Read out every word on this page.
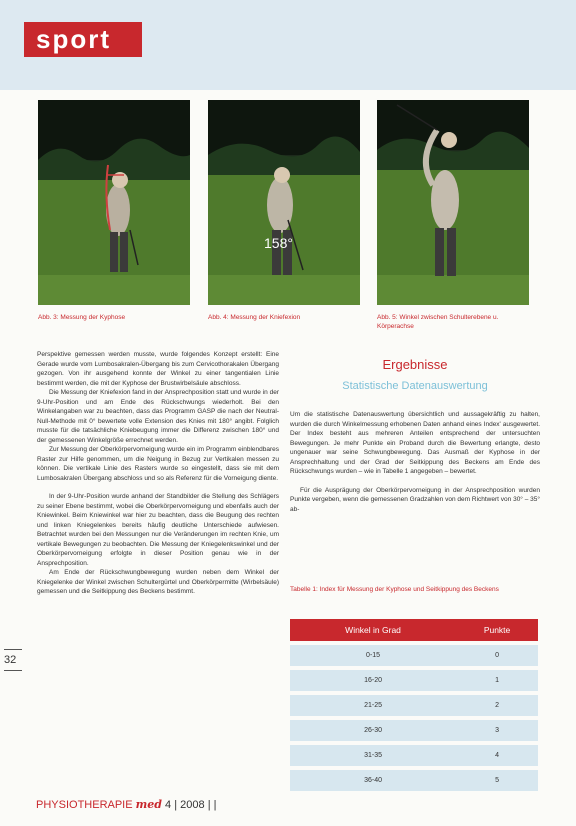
sport
158°
Abb. 3: Messung der Kyphose	Abb. 4: Messung der Kniefexion	Abb. 5: Winkel zwischen Schulterebene u. Körperachse

Perspektive gemessen werden musste, wurde folgendes Konzept erstellt: Eine Gerade wurde vom Lumbosakralen-Übergang bis zum Cervicothorakalen Übergang gezogen. Von ihr ausgehend konnte der Winkel zu einer tangentialen Linie bestimmt werden, die mit der Kyphose der Brustwirbelsäule abschloss.

Die Messung der Kniefexion fand in der Ansprechposition statt und wurde in der 9-Uhr-Position und am Ende des Rückschwungs wiederholt. Bei den Winkelangaben war zu beachten, dass das Programm GASP die nach der Neutral-Null-Methode mit 0° bewertete volle Extension des Knies mit 180° angibt. Folglich musste für die tatsächliche Kniebeugung immer die Differenz zwischen 180° und der gemessenen Winkelgröße errechnet werden.

Zur Messung der Oberkörpervorneigung wurde ein im Programm einblendbares Raster zur Hilfe genommen, um die Neigung in Bezug zur Vertikalen messen zu können. Die vertikale Linie des Rasters wurde so eingestellt, dass sie mit dem Lumbosakralen Übergang abschloss und so als Referenz für die Vorneigung diente.

In der 9-Uhr-Position wurde anhand der Standbilder die Stellung des Schlägers zu seiner Ebene bestimmt, wobei die Oberkörpervorneigung und ebenfalls auch der Kniewinkel. Beim Kniewinkel war hier zu beachten, dass die Beugung des rechten und linken Kniegelenkes bereits häufig deutliche Unterschiede aufwiesen. Betrachtet wurden bei den Messungen nur die Veränderungen im rechten Knie, um vertikale Bewegungen zu beobachten. Die Messung der Kniegelenkswinkel und der Oberkörpervorneigung erfolgte in dieser Position genau wie in der Ansprechposition.

Am Ende der Rückschwungbewegung wurden neben dem Winkel der Kniegelenke der Winkel zwischen Schultergürtel und Oberkörpermitte (Wirbelsäule) gemessen und die Seitkippung des Beckens bestimmt.

Ergebnisse
Statistische Datenauswertung

Um die statistische Datenauswertung übersichtlich und aussagekräftig zu halten, wurden die durch Winkelmessung erhobenen Daten anhand eines Index' ausgewertet. Der Index besteht aus mehreren Anteilen entsprechend der untersuchten Bewegungen. Je mehr Punkte ein Proband durch die Bewertung erlangte, desto ungenauer war seine Schwungbewegung. Das Ausmaß der Kyphose in der Ansprechhaltung und der Grad der Seitkippung des Beckens am Ende des Rückschwungs wurden – wie in Tabelle 1 angegeben – bewertet.

Für die Ausprägung der Oberkörpervorneigung in der Ansprechposition wurden Punkte vergeben, wenn die gemessenen Gradzahlen von dem Richtwert von 30° – 35° ab-

Tabelle 1: Index für Messung der Kyphose und Seitkippung des Beckens
Winkel in Grad	Punkte
0-15	0
16-20	1
21-25	2
26-30	3
31-35	4
36-40	5
32
PHYSIOTHERAPIE med 4 | 2008 | |
